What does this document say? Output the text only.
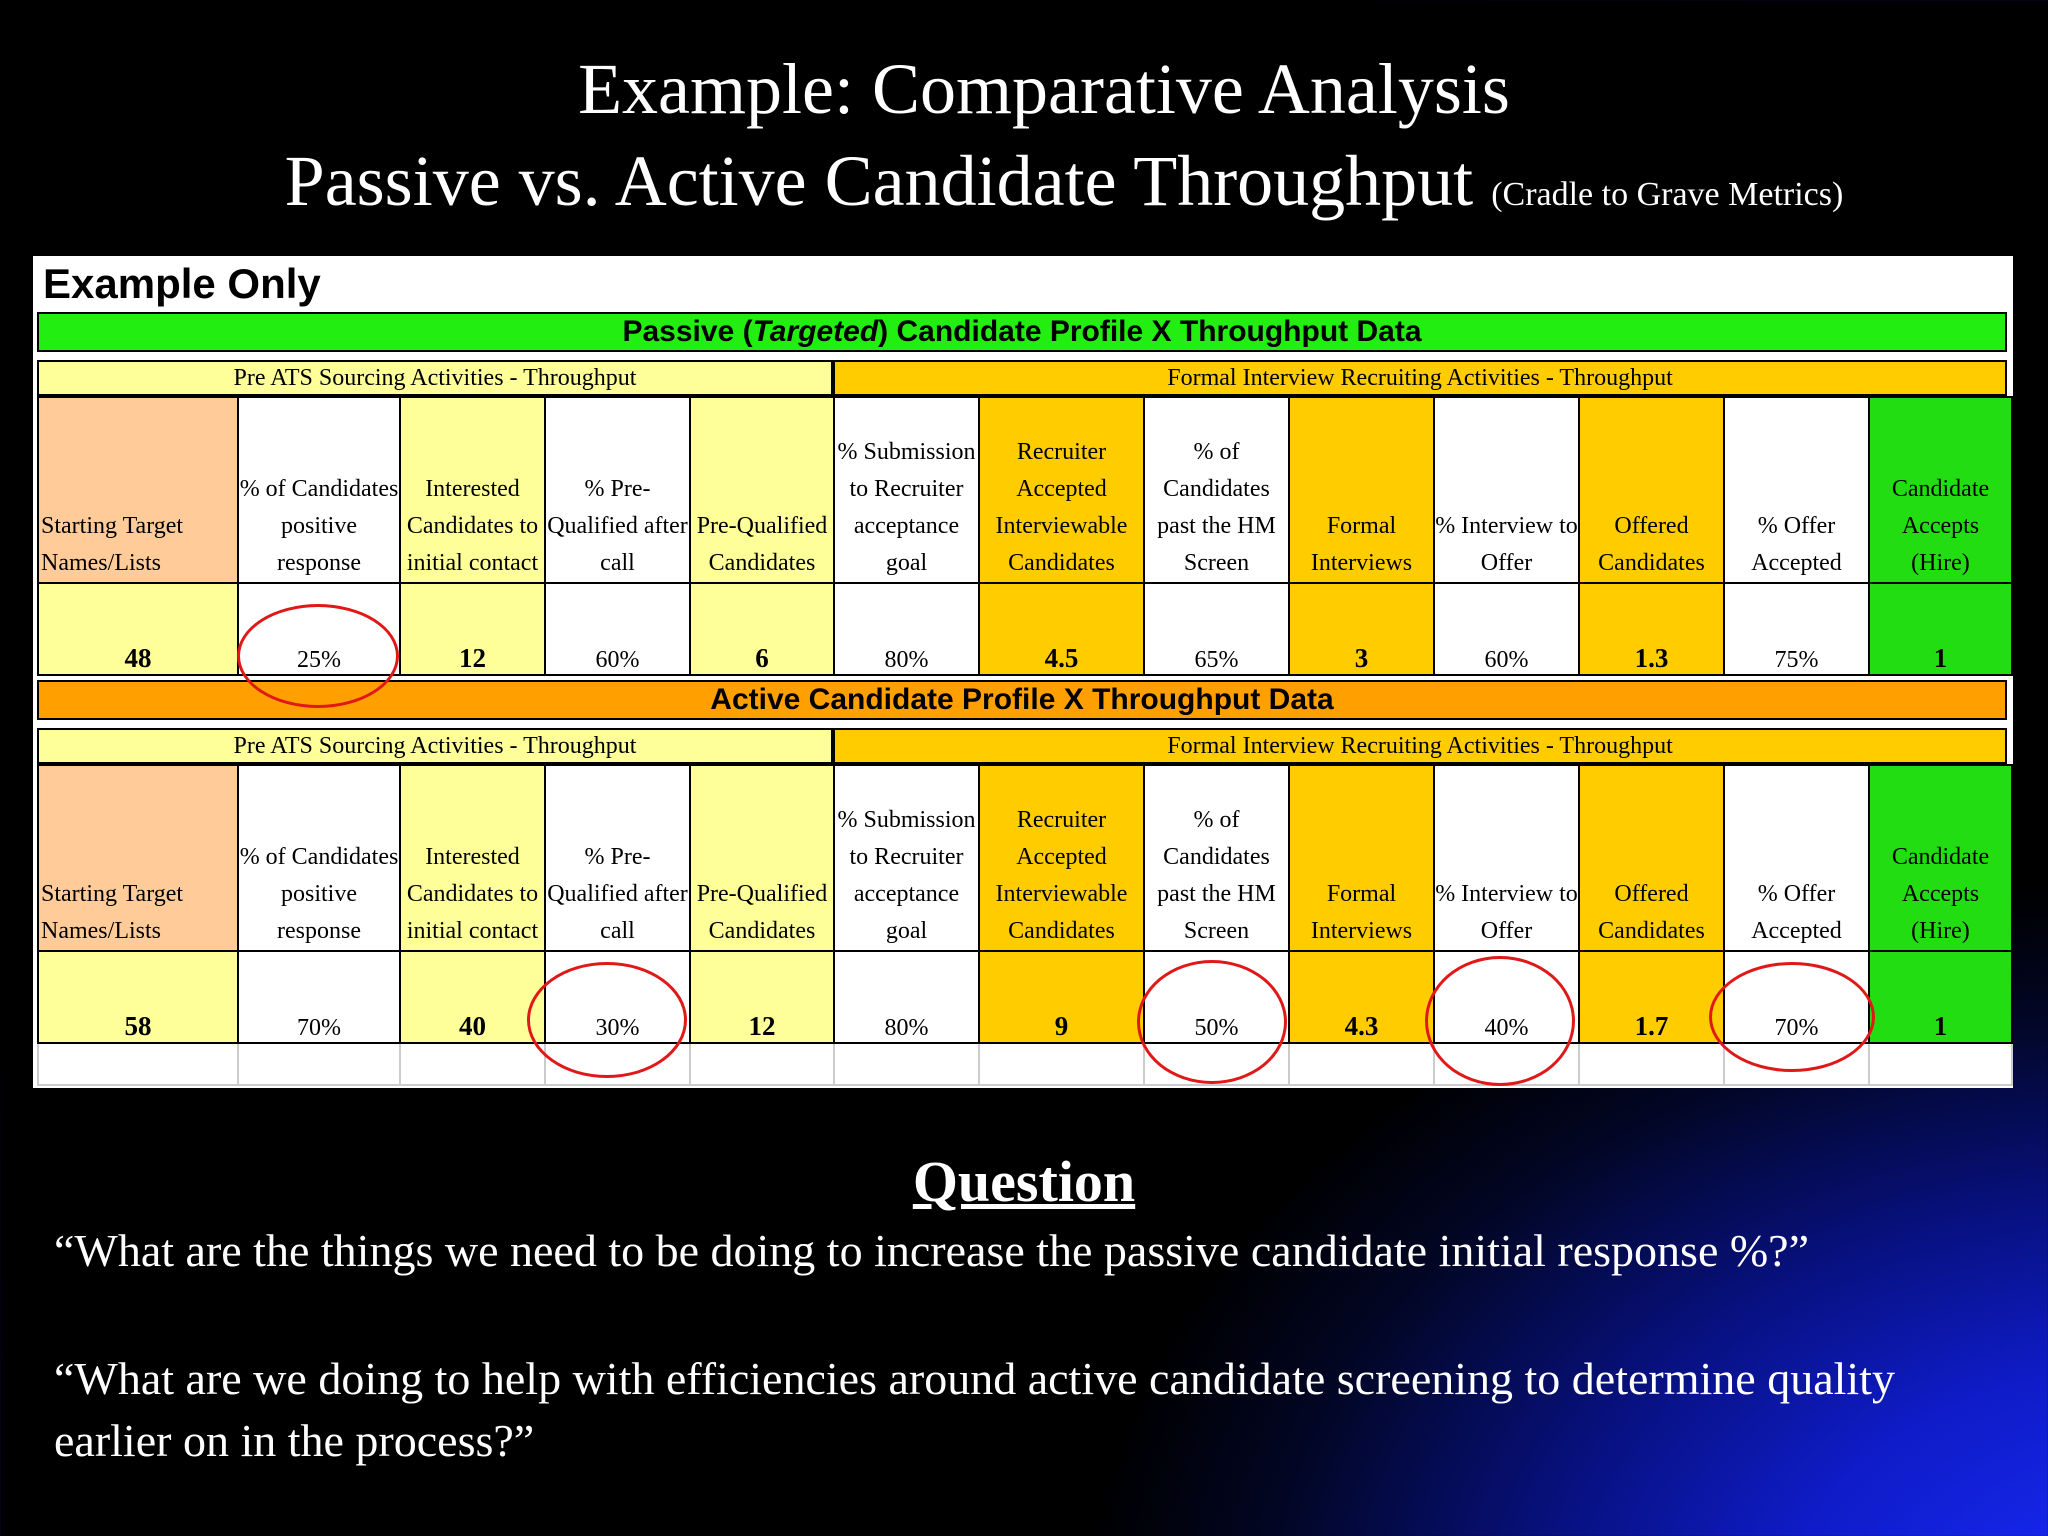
Example: Comparative Analysis
Passive vs. Active Candidate Throughput (Cradle to Grave Metrics)
Example Only
Passive (Targeted) Candidate Profile X Throughput Data
Pre ATS Sourcing Activities - Throughput	Formal Interview Recruiting Activities - Throughput
Starting Target Names/Lists	% of Candidates positive response	Interested Candidates to initial contact	% Pre-Qualified after call	Pre-Qualified Candidates	% Submission to Recruiter acceptance goal	Recruiter Accepted Interviewable Candidates	% of Candidates past the HM Screen	Formal Interviews	% Interview to Offer	Offered Candidates	% Offer Accepted	Candidate Accepts (Hire)
48	25%	12	60%	6	80%	4.5	65%	3	60%	1.3	75%	1
Active Candidate Profile X Throughput Data
Pre ATS Sourcing Activities - Throughput	Formal Interview Recruiting Activities - Throughput
Starting Target Names/Lists	% of Candidates positive response	Interested Candidates to initial contact	% Pre-Qualified after call	Pre-Qualified Candidates	% Submission to Recruiter acceptance goal	Recruiter Accepted Interviewable Candidates	% of Candidates past the HM Screen	Formal Interviews	% Interview to Offer	Offered Candidates	% Offer Accepted	Candidate Accepts (Hire)
58	70%	40	30%	12	80%	9	50%	4.3	40%	1.7	70%	1

Question
“What are the things we need to be doing to increase the passive candidate initial response %?”
“What are we doing to help with efficiencies around active candidate screening to determine quality earlier on in the process?”
